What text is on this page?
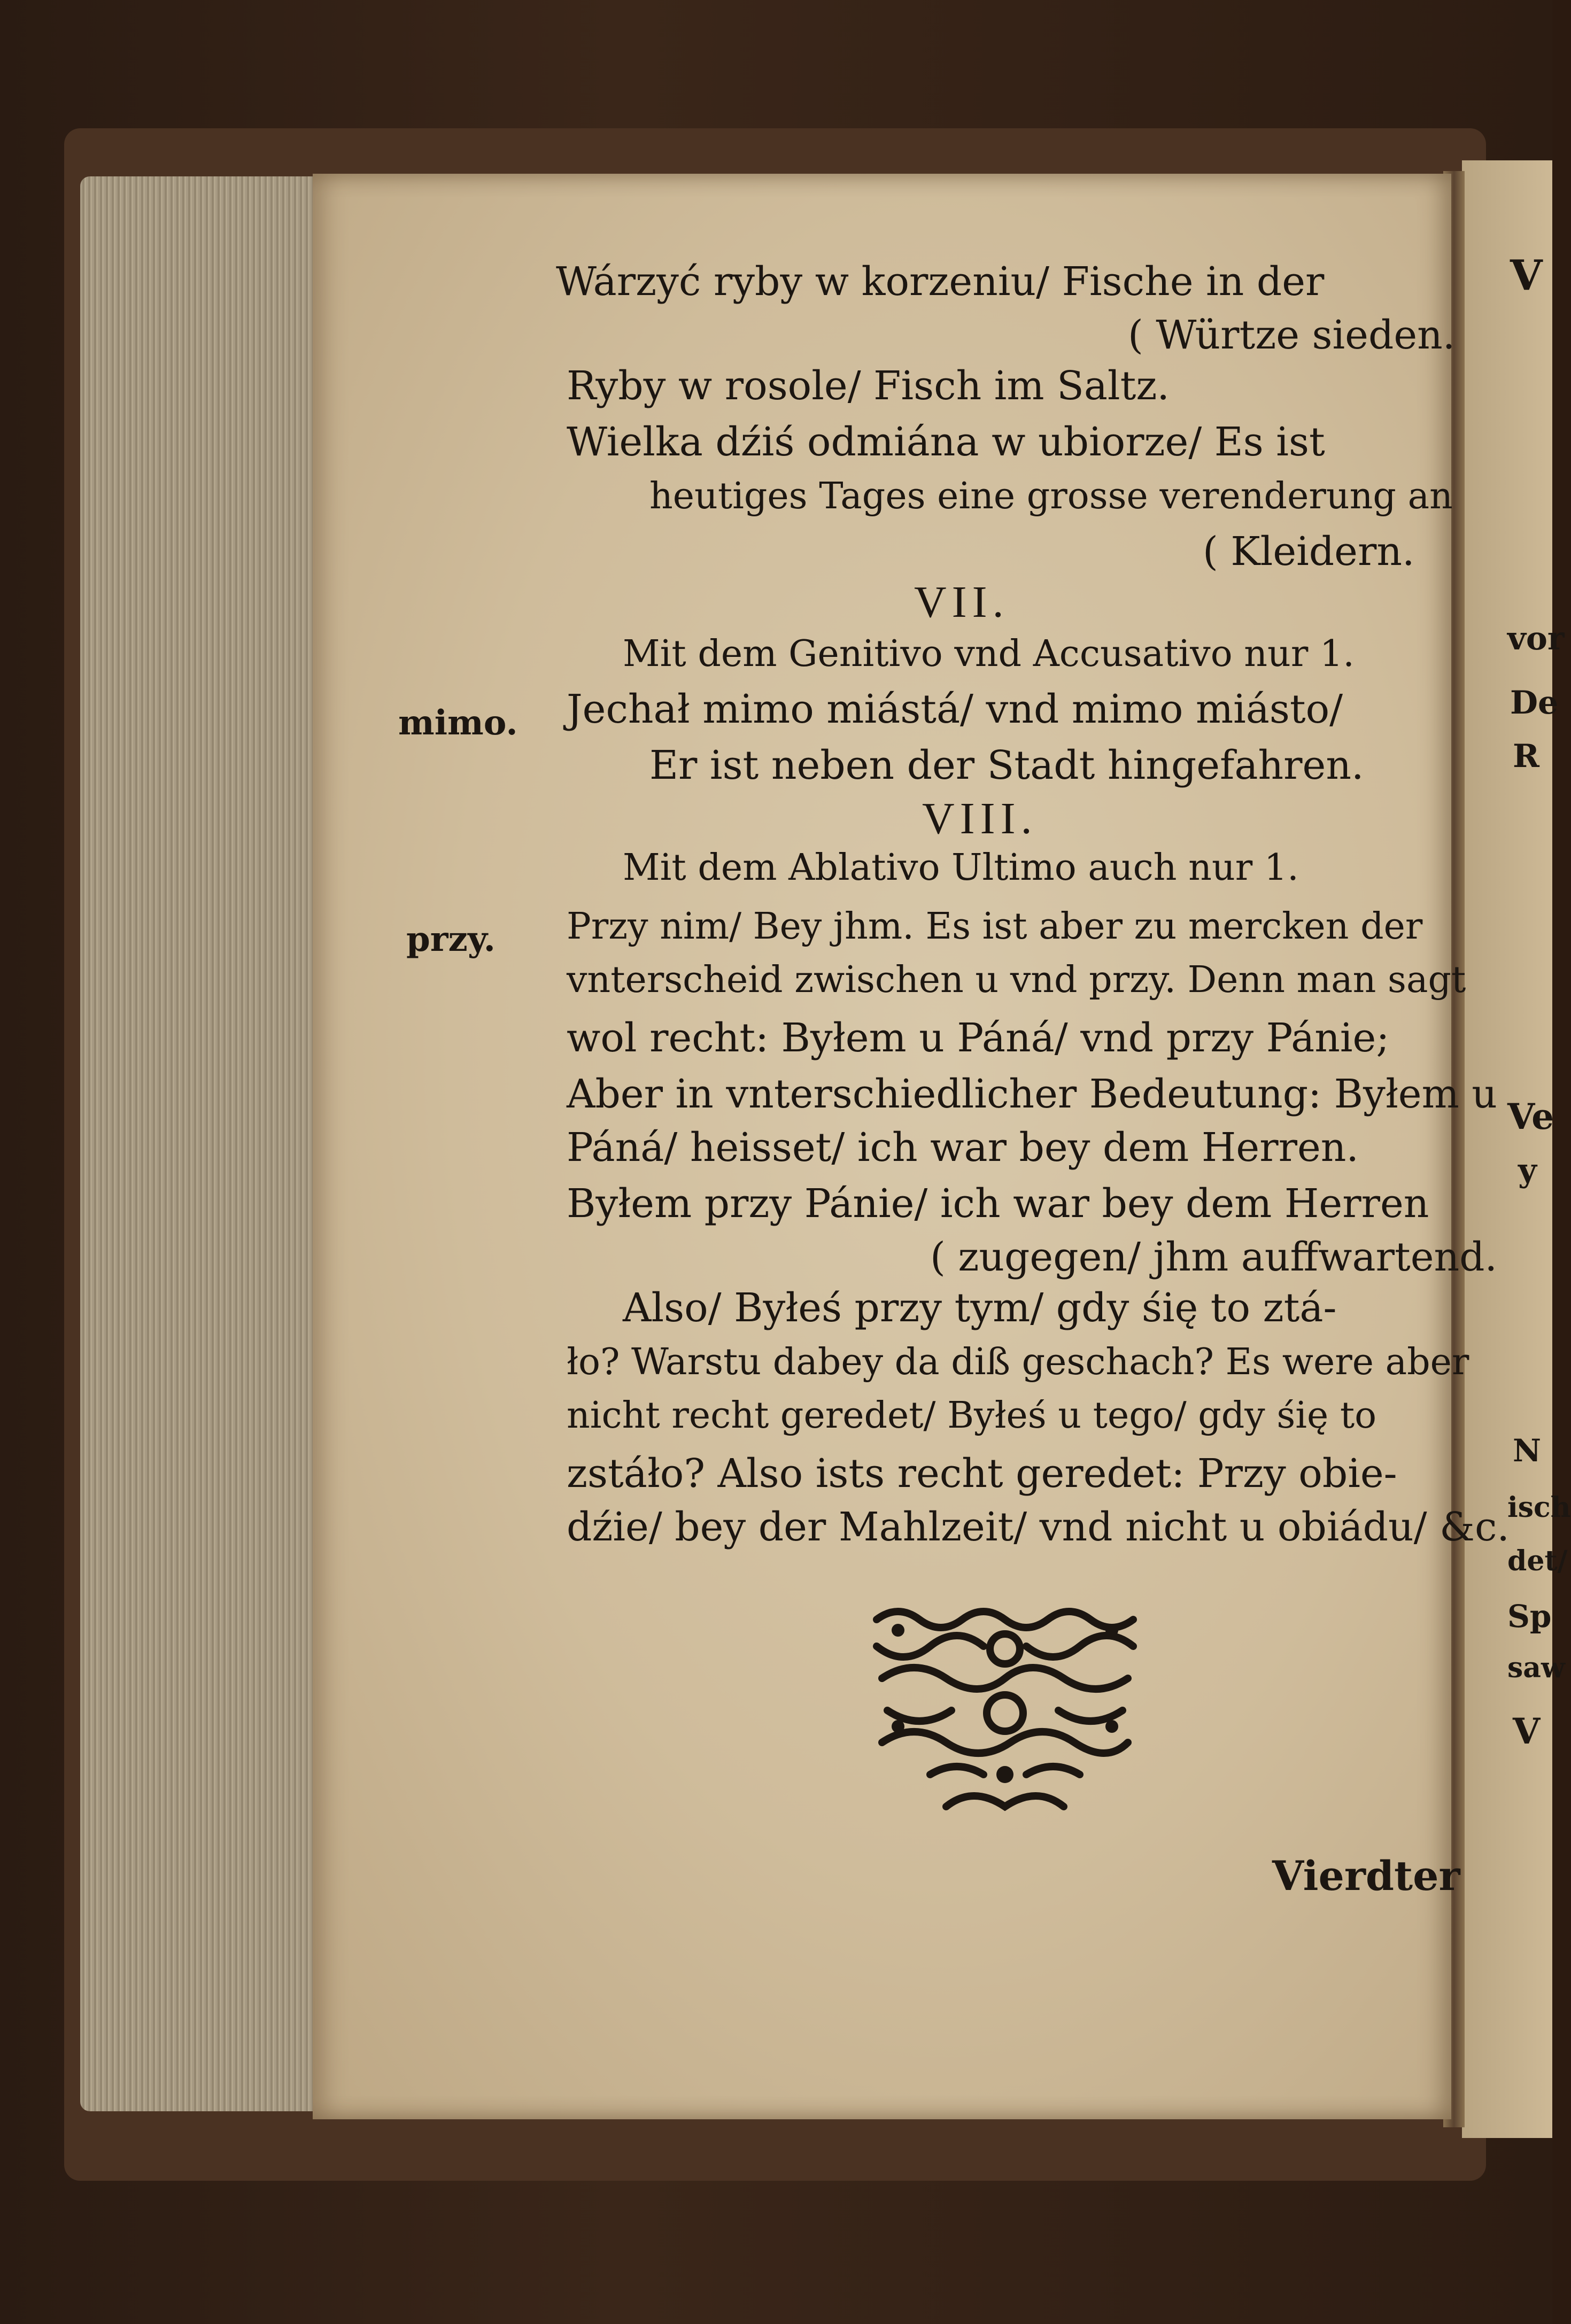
Wárzyć ryby w korzeniu/ Fische in der
( Würtze sieden.
Ryby w rosole/ Fisch im Saltz.
Wielka dźiś odmiána w ubiorze/ Es ist
heutiges Tages eine grosse verenderung an
( Kleidern.
VII.
Mit dem Genitivo vnd Accusativo nur 1.
Jechał mimo miástá/ vnd mimo miásto/
Er ist neben der Stadt hingefahren.
VIII.
Mit dem Ablativo Ultimo auch nur 1.
Przy nim/ Bey jhm. Es ist aber zu mercken der
vnterscheid zwischen u vnd przy. Denn man sagt
wol recht: Byłem u Páná/ vnd przy Pánie;
Aber in vnterschiedlicher Bedeutung: Byłem u
Páná/ heisset/ ich war bey dem Herren.
Byłem przy Pánie/ ich war bey dem Herren
( zugegen/ jhm auffwartend.
Also/ Byłeś przy tym/ gdy śię to ztá-
ło? Warstu dabey da diß geschach? Es were aber
nicht recht geredet/ Byłeś u tego/ gdy śię to
zstáło? Also ists recht geredet: Przy obie-
dźie/ bey der Mahlzeit/ vnd nicht u obiádu/ &c.
mimo.
przy.
Vierdter
V
vor
De
R
Ve
y
N
isch
det/
Sp
saw
V
